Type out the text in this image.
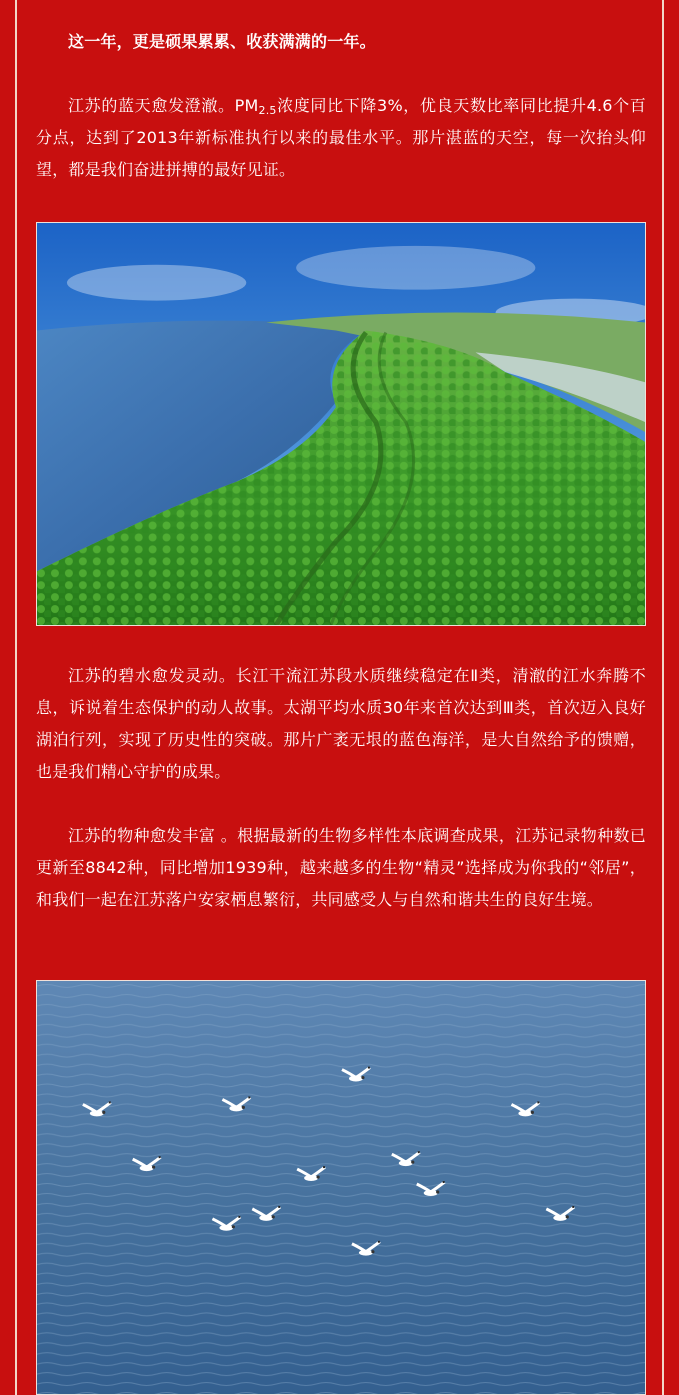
这一年，更是硕果累累、收获满满的一年。

江苏的蓝天愈发澄澈。$PM_{2.5}$浓度同比下降3%，优良天数比率同比提升4.6个百分点，达到了2013年新标准执行以来的最佳水平。那片湛蓝的天空，每一次抬头仰望，都是我们奋进拼搏的最好见证。

江苏的碧水愈发灵动。长江干流江苏段水质继续稳定在Ⅱ类，清澈的江水奔腾不息，诉说着生态保护的动人故事。太湖平均水质30年来首次达到Ⅲ类，首次迈入良好湖泊行列，实现了历史性的突破。那片广袤无垠的蓝色海洋，是大自然给予的馈赠，也是我们精心守护的成果。

江苏的物种愈发丰富 。根据最新的生物多样性本底调查成果，江苏记录物种数已更新至8842种，同比增加1939种，越来越多的生物“精灵”选择成为你我的“邻居”，和我们一起在江苏落户安家栖息繁衍，共同感受人与自然和谐共生的良好生境。
